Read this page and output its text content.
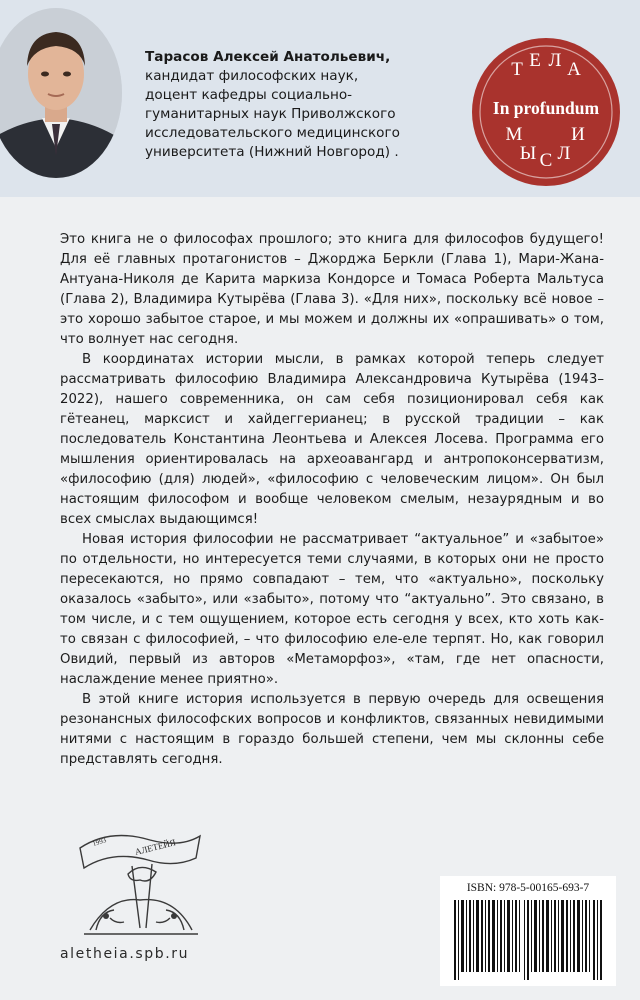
Тарасов Алексей Анатольевич,
кандидат философских наук,
доцент кафедры социально-
гуманитарных наук Приволжского
исследовательского медицинского
университета (Нижний Новгород) .
Т Е Л А
М
Ы С Л
И
In profundum

Это книга не о философах прошлого; это книга для философов будущего! Для её главных протагонистов – Джорджа Беркли (Глава 1), Мари-Жана-Антуана-Николя де Карита маркиза Кондорсе и Томаса Роберта Мальтуса (Глава 2), Владимира Кутырёва (Глава 3). «Для них», поскольку всё новое – это хорошо забытое старое, и мы можем и должны их «опрашивать» о том, что волнует нас сегодня.

В координатах истории мысли, в рамках которой теперь следует рассматривать философию Владимира Александровича Кутырёва (1943–2022), нашего современника, он сам себя позиционировал себя как гётеанец, марксист и хайдеггерианец; в русской традиции – как последователь Константина Леонтьева и Алексея Лосева. Программа его мышления ориентировалась на археоавангард и антропоконсерватизм, «философию (для) людей», «философию с человеческим лицом». Он был настоящим философом и вообще человеком смелым, незаурядным и во всех смыслах выдающимся!

Новая история философии не рассматривает “актуальное” и «забытое» по отдельности, но интересуется теми случаями, в которых они не просто пересекаются, но прямо совпадают – тем, что «актуально», поскольку оказалось «забыто», или «забыто», потому что “актуально”. Это связано, в том числе, и с тем ощущением, которое есть сегодня у всех, кто хоть как-то связан с философией, – что философию еле-еле терпят. Но, как говорил Овидий, первый из авторов «Метаморфоз», «там, где нет опасности, наслаждение менее приятно».

В этой книге история используется в первую очередь для освещения резонансных философских вопросов и конфликтов, связанных невидимыми нитями с настоящим в гораздо большей степени, чем мы склонны себе представлять сегодня.

АЛЕТЕЙЯ
1993
aletheia.spb.ru
ISBN: 978-5-00165-693-7
